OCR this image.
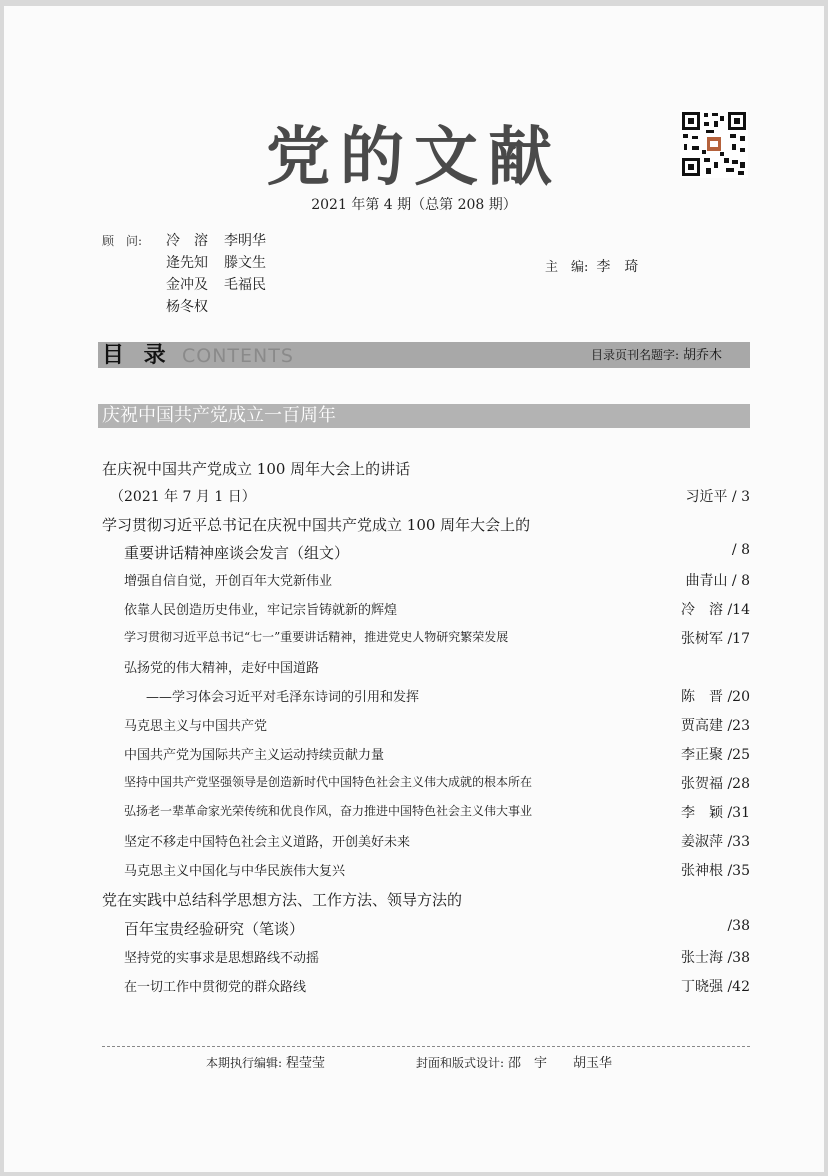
党的文献
2021 年第 4 期（总第 208 期）
顾　问: 冷　溶 李明华
逄先知 滕文生
金冲及 毛福民
杨冬权
主　编: 李　琦
目 录 CONTENTS	目录页刊名题字: 胡乔木
庆祝中国共产党成立一百周年
在庆祝中国共产党成立 100 周年大会上的讲话
（2021 年 7 月 1 日）	习近平 / 3
学习贯彻习近平总书记在庆祝中国共产党成立 100 周年大会上的
重要讲话精神座谈会发言（组文）	/ 8
增强自信自觉，开创百年大党新伟业	曲青山 / 8
依靠人民创造历史伟业，牢记宗旨铸就新的辉煌	冷　溶 /14
学习贯彻习近平总书记“七一”重要讲话精神，推进党史人物研究繁荣发展	张树军 /17
弘扬党的伟大精神，走好中国道路
——学习体会习近平对毛泽东诗词的引用和发挥	陈　晋 /20
马克思主义与中国共产党	贾高建 /23
中国共产党为国际共产主义运动持续贡献力量	李正聚 /25
坚持中国共产党坚强领导是创造新时代中国特色社会主义伟大成就的根本所在	张贺福 /28
弘扬老一辈革命家光荣传统和优良作风，奋力推进中国特色社会主义伟大事业	李　颖 /31
坚定不移走中国特色社会主义道路，开创美好未来	姜淑萍 /33
马克思主义中国化与中华民族伟大复兴	张神根 /35
党在实践中总结科学思想方法、工作方法、领导方法的
百年宝贵经验研究（笔谈）	/38
坚持党的实事求是思想路线不动摇	张士海 /38
在一切工作中贯彻党的群众路线	丁晓强 /42
本期执行编辑: 程莹莹	封面和版式设计: 邵　宇　　胡玉华
